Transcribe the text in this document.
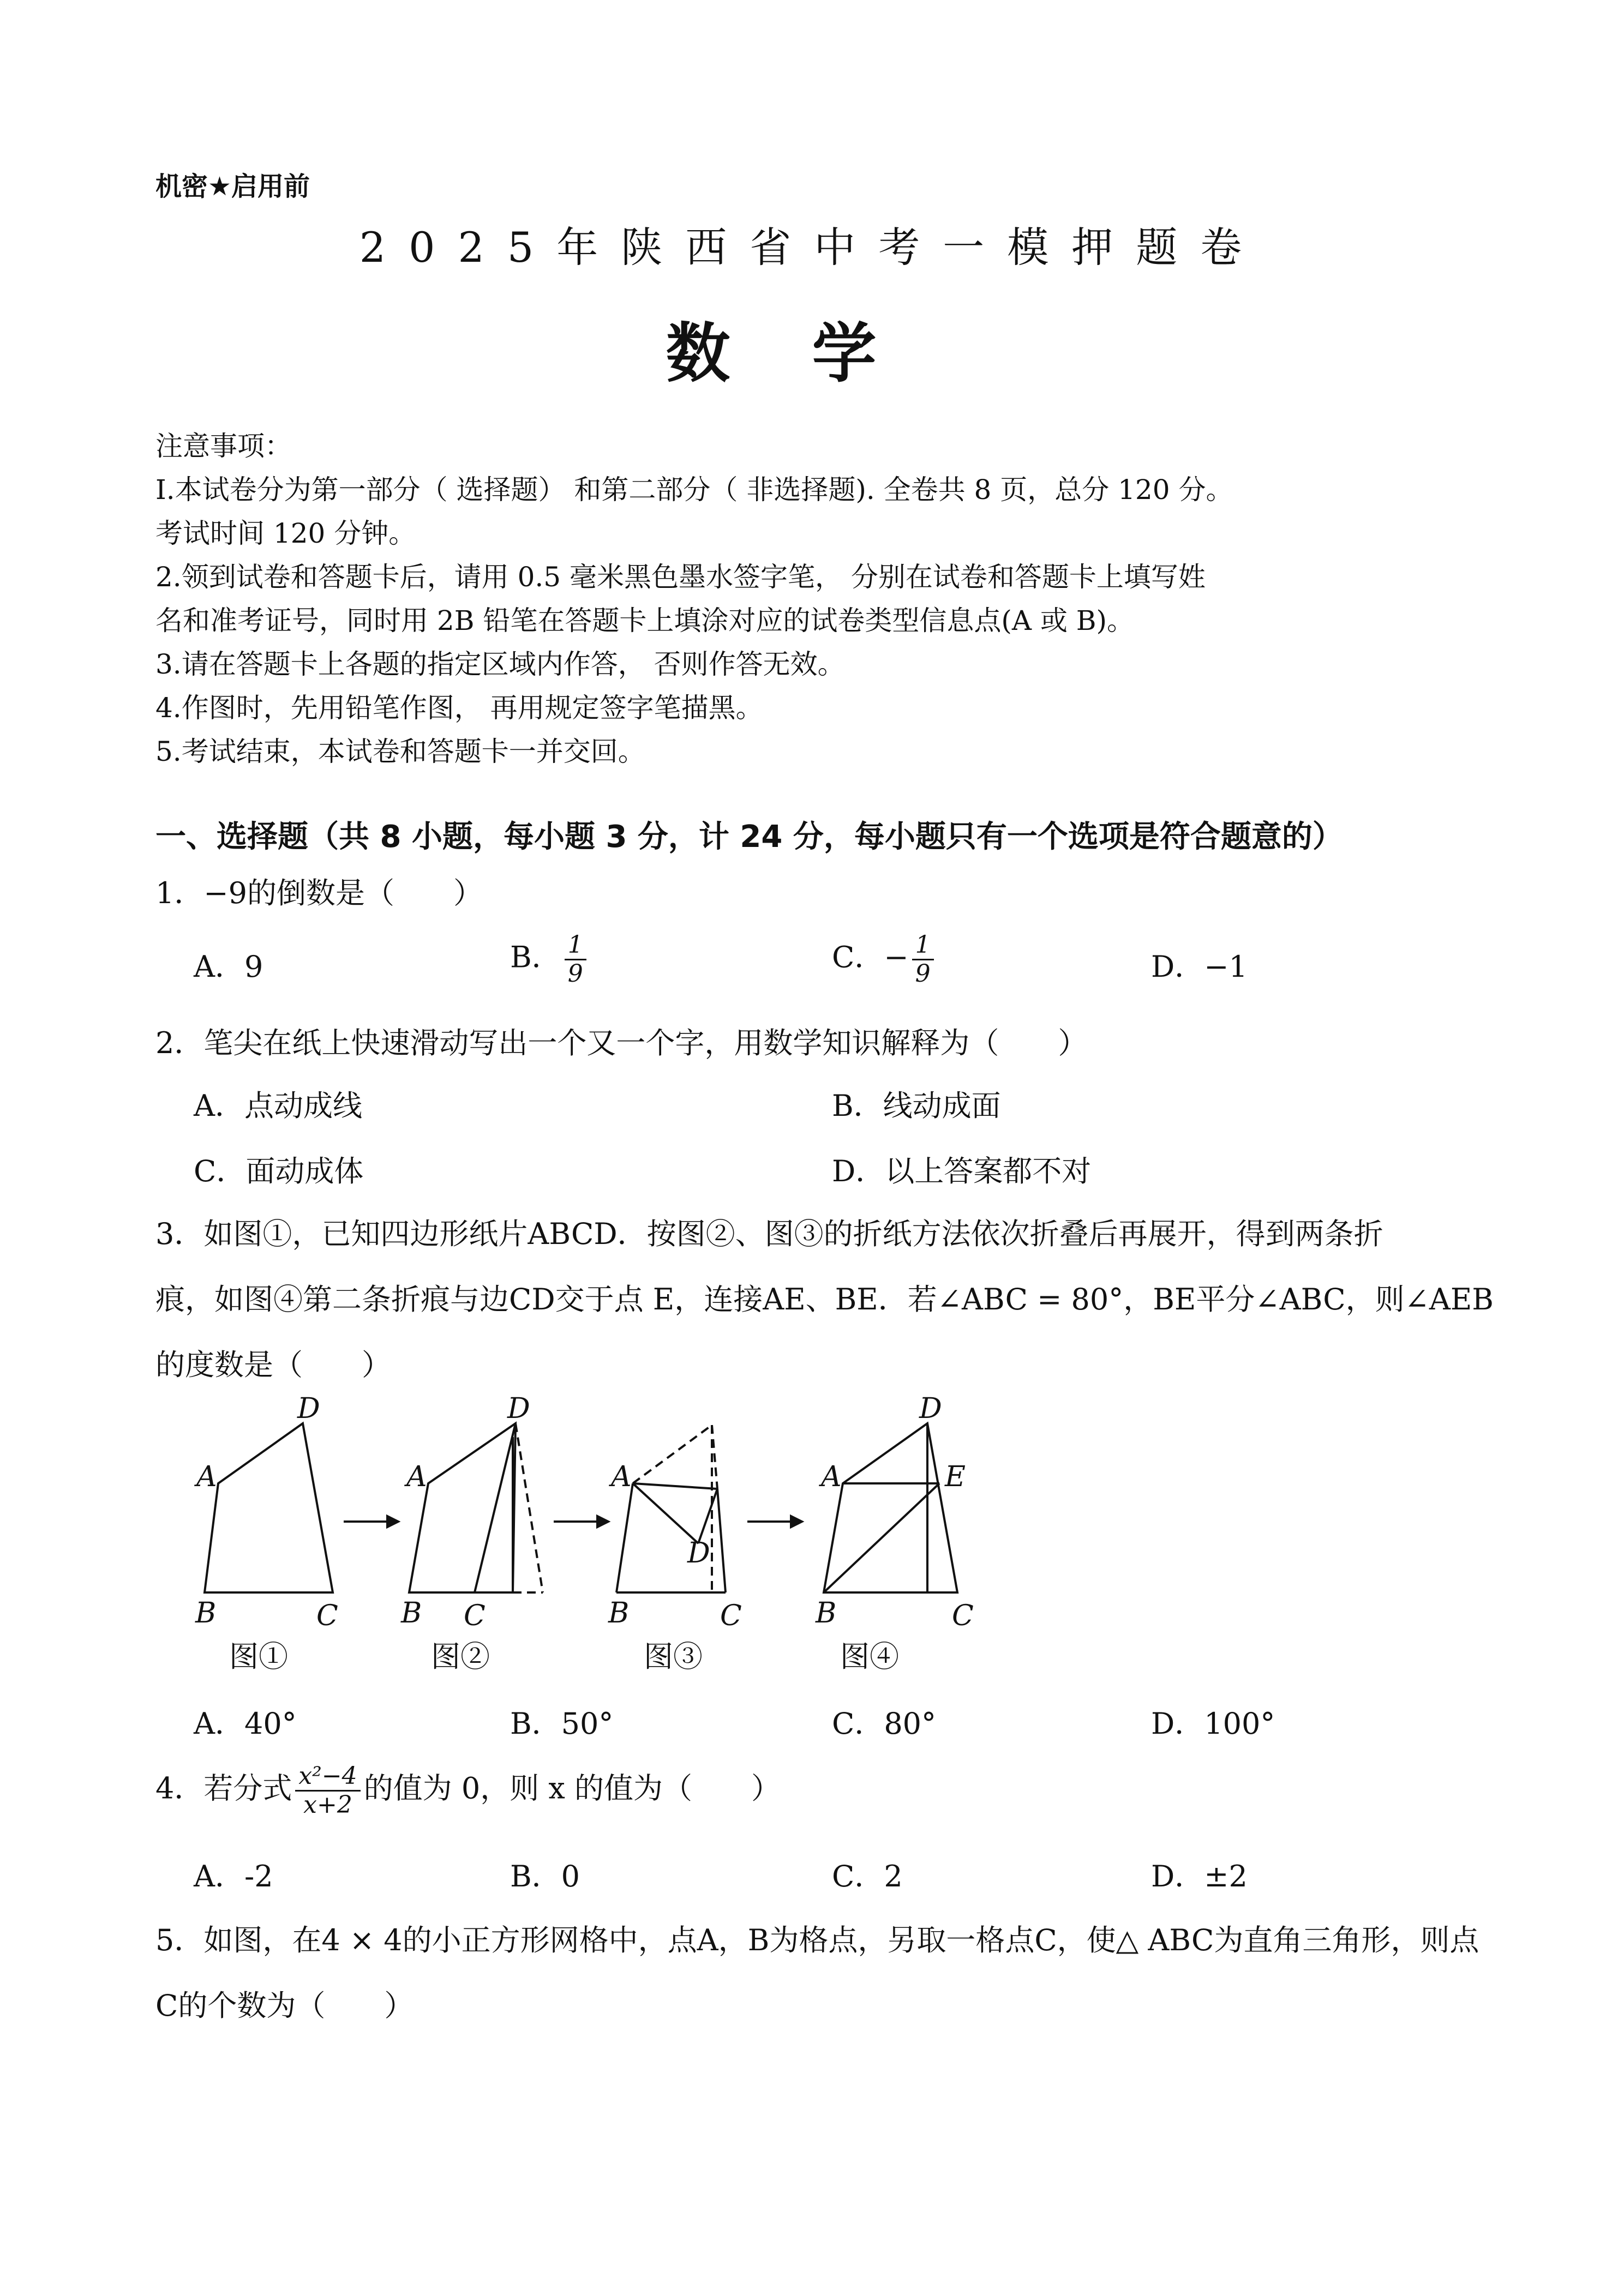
机密★启用前
2025年陕西省中考一模押题卷
数学
注意事项：
I.本试卷分为第一部分（ 选择题） 和第二部分（ 非选择题). 全卷共 8 页，总分 120 分。
考试时间 120 分钟。
2.领到试卷和答题卡后，请用 0.5 毫米黑色墨水签字笔， 分别在试卷和答题卡上填写姓
名和准考证号，同时用 2B 铅笔在答题卡上填涂对应的试卷类型信息点(A 或 B)。
3.请在答题卡上各题的指定区域内作答， 否则作答无效。
4.作图时，先用铅笔作图， 再用规定签字笔描黑。
5.考试结束，本试卷和答题卡一并交回。
一、选择题（共 8 小题，每小题 3 分，计 24 分，每小题只有一个选项是符合题意的）
1．−9的倒数是（　　）
A．9	B． $\frac{1}{9}$	C．− $\frac{1}{9}$	D．−1
2．笔尖在纸上快速滑动写出一个又一个字，用数学知识解释为（　　）
A．点动成线	B．线动成面
C．面动成体	D．以上答案都不对
3．如图①，已知四边形纸片ABCD．按图②、图③的折纸方法依次折叠后再展开，得到两条折
痕，如图④第二条折痕与边CD交于点 E，连接AE、BE．若∠ABC = 80°，BE平分∠ABC，则∠AEB
的度数是（　　）
A
D
B	C
A
D
B C
A
D
B	C
A
D
E
B	C
图①	图②	图③	图④
A．40°	B．50°	C．80°	D．100°
4．若分式 $\frac{\text{x²−4}}{x+2}$ 的值为 0，则 x 的值为（　　）
A．-2	B．0	C．2	D．±2
5．如图，在4 × 4的小正方形网格中，点A，B为格点，另取一格点C，使△ ABC为直角三角形，则点
C的个数为（　　）
